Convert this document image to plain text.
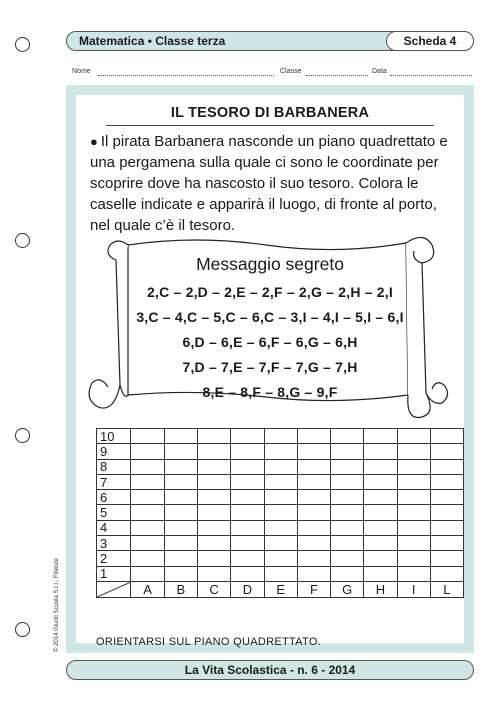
Matematica • Classe terza	Scheda 4
Nome	Classe	Data
IL TESORO DI BARBANERA
● Il pirata Barbanera nasconde un piano quadrettato e una pergamena sulla quale ci sono le coordinate per scoprire dove ha nascosto il suo tesoro. Colora le caselle indicate e apparirà il luogo, di fronte al porto, nel quale c’è il tesoro.
Messaggio segreto
2,C – 2,D – 2,E – 2,F – 2,G – 2,H – 2,I
3,C – 4,C – 5,C – 6,C – 3,I – 4,I – 5,I – 6,I
6,D – 6,E – 6,F – 6,G – 6,H
7,D – 7,E – 7,F – 7,G – 7,H
8,E – 8,F – 8,G – 9,F
10										
9										
8										
7										
6										
5										
4										
3										
2										
1										

	A	B	C	D	E	F	G	H	I	L
ORIENTARSI SUL PIANO QUADRETTATO.
© 2014 Giunti Scuola S.r.l., Firenze
La Vita Scolastica - n. 6 - 2014
